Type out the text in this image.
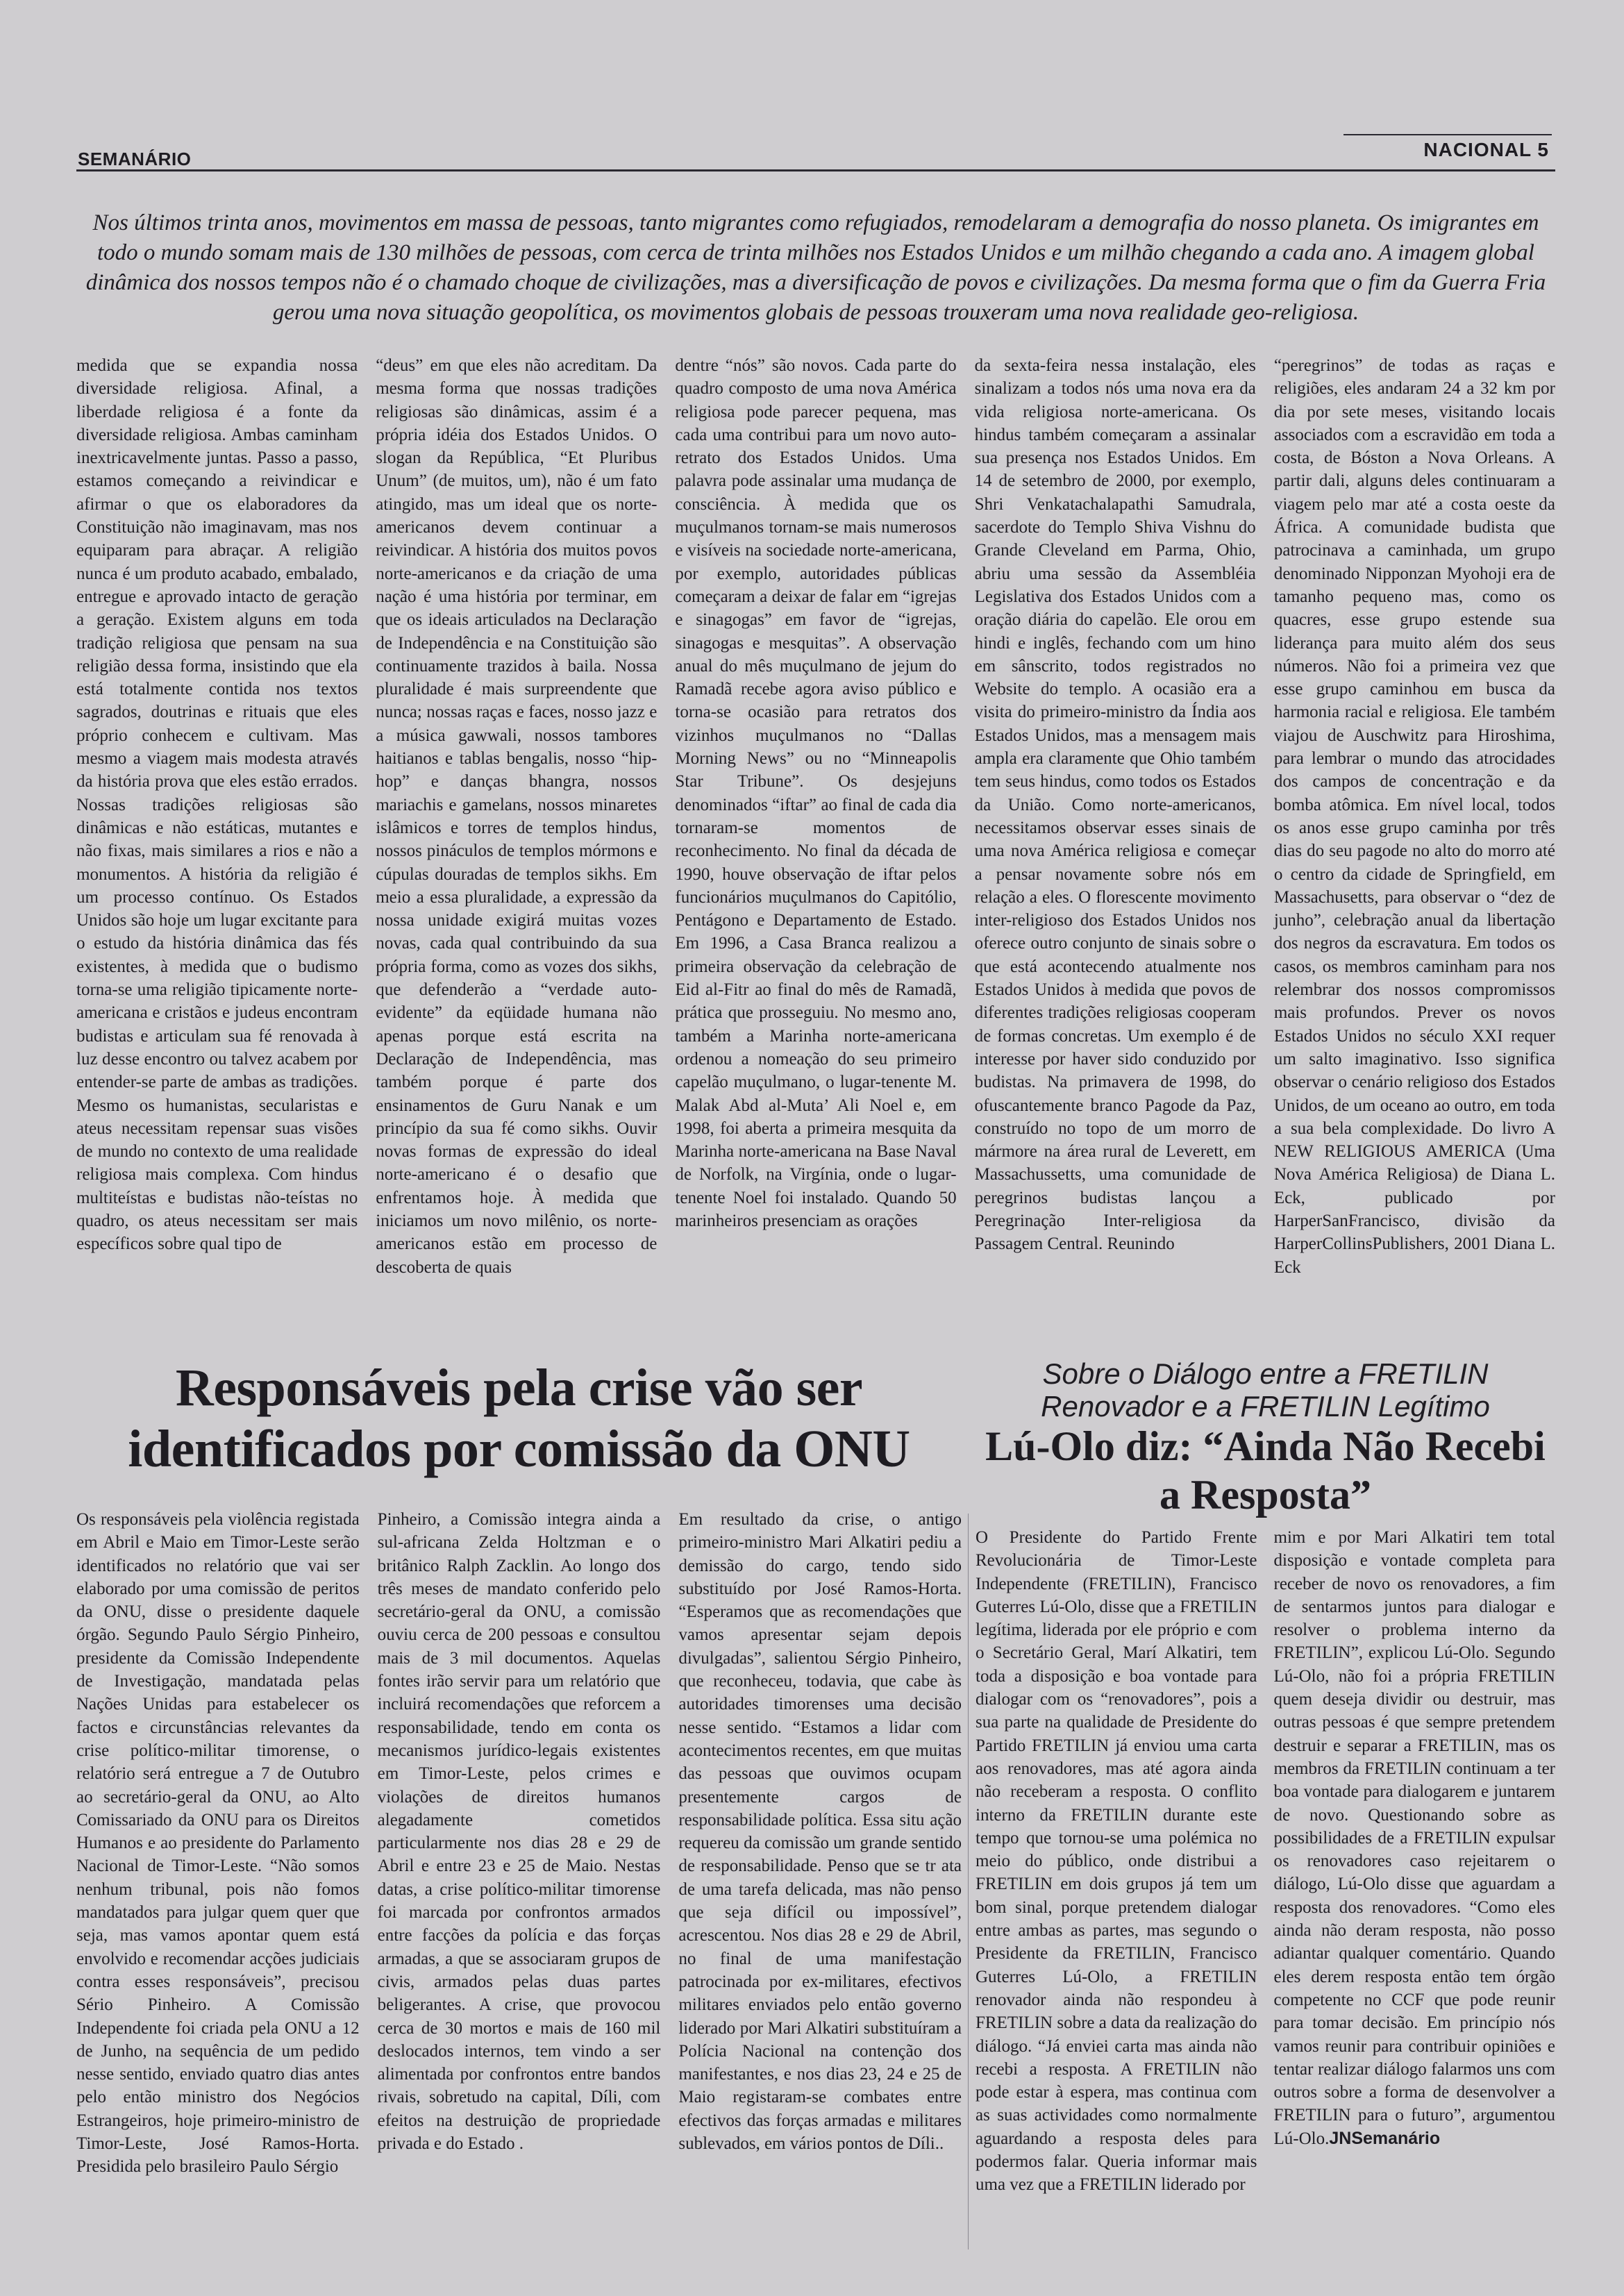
SEMANÁRIO	NACIONAL 5
Nos últimos trinta anos, movimentos em massa de pessoas, tanto migrantes como refugiados, remodelaram a demografia do nosso planeta. Os imigrantes em todo o mundo somam mais de 130 milhões de pessoas, com cerca de trinta milhões nos Estados Unidos e um milhão chegando a cada ano. A imagem global dinâmica dos nossos tempos não é o chamado choque de civilizações, mas a diversificação de povos e civilizações. Da mesma forma que o fim da Guerra Fria gerou uma nova situação geopolítica, os movimentos globais de pessoas trouxeram uma nova realidade geo-religiosa.
medida que se expandia nossa diversidade religiosa. Afinal, a liberdade religiosa é a fonte da diversidade religiosa. Ambas caminham inextricavelmente juntas. Passo a passo, estamos começando a reivindicar e afirmar o que os elaboradores da Constituição não imaginavam, mas nos equiparam para abraçar. A religião nunca é um produto acabado, embalado, entregue e aprovado intacto de geração a geração. Existem alguns em toda tradição religiosa que pensam na sua religião dessa forma, insistindo que ela está totalmente contida nos textos sagrados, doutrinas e rituais que eles próprio conhecem e cultivam. Mas mesmo a viagem mais modesta através da história prova que eles estão errados. Nossas tradições religiosas são dinâmicas e não estáticas, mutantes e não fixas, mais similares a rios e não a monumentos. A história da religião é um processo contínuo. Os Estados Unidos são hoje um lugar excitante para o estudo da história dinâmica das fés existentes, à medida que o budismo torna-se uma religião tipicamente norte-americana e cristãos e judeus encontram budistas e articulam sua fé renovada à luz desse encontro ou talvez acabem por entender-se parte de ambas as tradições. Mesmo os humanistas, secularistas e ateus necessitam repensar suas visões de mundo no contexto de uma realidade religiosa mais complexa. Com hindus multiteístas e budistas não-teístas no quadro, os ateus necessitam ser mais específicos sobre qual tipo de
“deus” em que eles não acreditam. Da mesma forma que nossas tradições religiosas são dinâmicas, assim é a própria idéia dos Estados Unidos. O slogan da República, “Et Pluribus Unum” (de muitos, um), não é um fato atingido, mas um ideal que os norte-americanos devem continuar a reivindicar. A história dos muitos povos norte-americanos e da criação de uma nação é uma história por terminar, em que os ideais articulados na Declaração de Independência e na Constituição são continuamente trazidos à baila. Nossa pluralidade é mais surpreendente que nunca; nossas raças e faces, nosso jazz e a música gawwali, nossos tambores haitianos e tablas bengalis, nosso “hip-hop” e danças bhangra, nossos mariachis e gamelans, nossos minaretes islâmicos e torres de templos hindus, nossos pináculos de templos mórmons e cúpulas douradas de templos sikhs. Em meio a essa pluralidade, a expressão da nossa unidade exigirá muitas vozes novas, cada qual contribuindo da sua própria forma, como as vozes dos sikhs, que defenderão a “verdade auto-evidente” da eqüidade humana não apenas porque está escrita na Declaração de Independência, mas também porque é parte dos ensinamentos de Guru Nanak e um princípio da sua fé como sikhs. Ouvir novas formas de expressão do ideal norte-americano é o desafio que enfrentamos hoje. À medida que iniciamos um novo milênio, os norte-americanos estão em processo de descoberta de quais
dentre “nós” são novos. Cada parte do quadro composto de uma nova América religiosa pode parecer pequena, mas cada uma contribui para um novo auto-retrato dos Estados Unidos. Uma palavra pode assinalar uma mudança de consciência. À medida que os muçulmanos tornam-se mais numerosos e visíveis na sociedade norte-americana, por exemplo, autoridades públicas começaram a deixar de falar em “igrejas e sinagogas” em favor de “igrejas, sinagogas e mesquitas”. A observação anual do mês muçulmano de jejum do Ramadã recebe agora aviso público e torna-se ocasião para retratos dos vizinhos muçulmanos no “Dallas Morning News” ou no “Minneapolis Star Tribune”. Os desjejuns denominados “iftar” ao final de cada dia tornaram-se momentos de reconhecimento. No final da década de 1990, houve observação de iftar pelos funcionários muçulmanos do Capitólio, Pentágono e Departamento de Estado. Em 1996, a Casa Branca realizou a primeira observação da celebração de Eid al-Fitr ao final do mês de Ramadã, prática que prosseguiu. No mesmo ano, também a Marinha norte-americana ordenou a nomeação do seu primeiro capelão muçulmano, o lugar-tenente M. Malak Abd al-Muta’ Ali Noel e, em 1998, foi aberta a primeira mesquita da Marinha norte-americana na Base Naval de Norfolk, na Virgínia, onde o lugar-tenente Noel foi instalado. Quando 50 marinheiros presenciam as orações
da sexta-feira nessa instalação, eles sinalizam a todos nós uma nova era da vida religiosa norte-americana. Os hindus também começaram a assinalar sua presença nos Estados Unidos. Em 14 de setembro de 2000, por exemplo, Shri Venkatachalapathi Samudrala, sacerdote do Templo Shiva Vishnu do Grande Cleveland em Parma, Ohio, abriu uma sessão da Assembléia Legislativa dos Estados Unidos com a oração diária do capelão. Ele orou em hindi e inglês, fechando com um hino em sânscrito, todos registrados no Website do templo. A ocasião era a visita do primeiro-ministro da Índia aos Estados Unidos, mas a mensagem mais ampla era claramente que Ohio também tem seus hindus, como todos os Estados da União. Como norte-americanos, necessitamos observar esses sinais de uma nova América religiosa e começar a pensar novamente sobre nós em relação a eles. O florescente movimento inter-religioso dos Estados Unidos nos oferece outro conjunto de sinais sobre o que está acontecendo atualmente nos Estados Unidos à medida que povos de diferentes tradições religiosas cooperam de formas concretas. Um exemplo é de interesse por haver sido conduzido por budistas. Na primavera de 1998, do ofuscantemente branco Pagode da Paz, construído no topo de um morro de mármore na área rural de Leverett, em Massachussetts, uma comunidade de peregrinos budistas lançou a Peregrinação Inter-religiosa da Passagem Central. Reunindo
“peregrinos” de todas as raças e religiões, eles andaram 24 a 32 km por dia por sete meses, visitando locais associados com a escravidão em toda a costa, de Bóston a Nova Orleans. A partir dali, alguns deles continuaram a viagem pelo mar até a costa oeste da África. A comunidade budista que patrocinava a caminhada, um grupo denominado Nipponzan Myohoji era de tamanho pequeno mas, como os quacres, esse grupo estende sua liderança para muito além dos seus números. Não foi a primeira vez que esse grupo caminhou em busca da harmonia racial e religiosa. Ele também viajou de Auschwitz para Hiroshima, para lembrar o mundo das atrocidades dos campos de concentração e da bomba atômica. Em nível local, todos os anos esse grupo caminha por três dias do seu pagode no alto do morro até o centro da cidade de Springfield, em Massachusetts, para observar o “dez de junho”, celebração anual da libertação dos negros da escravatura. Em todos os casos, os membros caminham para nos relembrar dos nossos compromissos mais profundos. Prever os novos Estados Unidos no século XXI requer um salto imaginativo. Isso significa observar o cenário religioso dos Estados Unidos, de um oceano ao outro, em toda a sua bela complexidade. Do livro A NEW RELIGIOUS AMERICA (Uma Nova América Religiosa) de Diana L. Eck, publicado por HarperSanFrancisco, divisão da HarperCollinsPublishers, 2001 Diana L. Eck
Responsáveis pela crise vão ser identificados por comissão da ONU
Sobre o Diálogo entre a FRETILIN Renovador e a FRETILIN Legítimo
Lú-Olo diz: “Ainda Não Recebi a Resposta”
Os responsáveis pela violência registada em Abril e Maio em Timor-Leste serão identificados no relatório que vai ser elaborado por uma comissão de peritos da ONU, disse o presidente daquele órgão. Segundo Paulo Sérgio Pinheiro, presidente da Comissão Independente de Investigação, mandatada pelas Nações Unidas para estabelecer os factos e circunstâncias relevantes da crise político-militar timorense, o relatório será entregue a 7 de Outubro ao secretário-geral da ONU, ao Alto Comissariado da ONU para os Direitos Humanos e ao presidente do Parlamento Nacional de Timor-Leste. “Não somos nenhum tribunal, pois não fomos mandatados para julgar quem quer que seja, mas vamos apontar quem está envolvido e recomendar acções judiciais contra esses responsáveis”, precisou Sério Pinheiro. A Comissão Independente foi criada pela ONU a 12 de Junho, na sequência de um pedido nesse sentido, enviado quatro dias antes pelo então ministro dos Negócios Estrangeiros, hoje primeiro-ministro de Timor-Leste, José Ramos-Horta. Presidida pelo brasileiro Paulo Sérgio
Pinheiro, a Comissão integra ainda a sul-africana Zelda Holtzman e o britânico Ralph Zacklin. Ao longo dos três meses de mandato conferido pelo secretário-geral da ONU, a comissão ouviu cerca de 200 pessoas e consultou mais de 3 mil documentos. Aquelas fontes irão servir para um relatório que incluirá recomendações que reforcem a responsabilidade, tendo em conta os mecanismos jurídico-legais existentes em Timor-Leste, pelos crimes e violações de direitos humanos alegadamente cometidos particularmente nos dias 28 e 29 de Abril e entre 23 e 25 de Maio. Nestas datas, a crise político-militar timorense foi marcada por confrontos armados entre facções da polícia e das forças armadas, a que se associaram grupos de civis, armados pelas duas partes beligerantes. A crise, que provocou cerca de 30 mortos e mais de 160 mil deslocados internos, tem vindo a ser alimentada por confrontos entre bandos rivais, sobretudo na capital, Díli, com efeitos na destruição de propriedade privada e do Estado .
Em resultado da crise, o antigo primeiro-ministro Mari Alkatiri pediu a demissão do cargo, tendo sido substituído por José Ramos-Horta. “Esperamos que as recomendações que vamos apresentar sejam depois divulgadas”, salientou Sérgio Pinheiro, que reconheceu, todavia, que cabe às autoridades timorenses uma decisão nesse sentido. “Estamos a lidar com acontecimentos recentes, em que muitas das pessoas que ouvimos ocupam presentemente cargos de responsabilidade política. Essa situ ação requereu da comissão um grande sentido de responsabilidade. Penso que se tr ata de uma tarefa delicada, mas não penso que seja difícil ou impossível”, acrescentou. Nos dias 28 e 29 de Abril, no final de uma manifestação patrocinada por ex-militares, efectivos militares enviados pelo então governo liderado por Mari Alkatiri substituíram a Polícia Nacional na contenção dos manifestantes, e nos dias 23, 24 e 25 de Maio registaram-se combates entre efectivos das forças armadas e militares sublevados, em vários pontos de Díli..
O Presidente do Partido Frente Revolucionária de Timor-Leste Independente (FRETILIN), Francisco Guterres Lú-Olo, disse que a FRETILIN legítima, liderada por ele próprio e com o Secretário Geral, Marí Alkatiri, tem toda a disposição e boa vontade para dialogar com os “renovadores”, pois a sua parte na qualidade de Presidente do Partido FRETILIN já enviou uma carta aos renovadores, mas até agora ainda não receberam a resposta. O conflito interno da FRETILIN durante este tempo que tornou-se uma polémica no meio do público, onde distribui a FRETILIN em dois grupos já tem um bom sinal, porque pretendem dialogar entre ambas as partes, mas segundo o Presidente da FRETILIN, Francisco Guterres Lú-Olo, a FRETILIN renovador ainda não respondeu à FRETILIN sobre a data da realização do diálogo. “Já enviei carta mas ainda não recebi a resposta. A FRETILIN não pode estar à espera, mas continua com as suas actividades como normalmente aguardando a resposta deles para podermos falar. Queria informar mais uma vez que a FRETILIN liderado por
mim e por Mari Alkatiri tem total disposição e vontade completa para receber de novo os renovadores, a fim de sentarmos juntos para dialogar e resolver o problema interno da FRETILIN”, explicou Lú-Olo. Segundo Lú-Olo, não foi a própria FRETILIN quem deseja dividir ou destruir, mas outras pessoas é que sempre pretendem destruir e separar a FRETILIN, mas os membros da FRETILIN continuam a ter boa vontade para dialogarem e juntarem de novo. Questionando sobre as possibilidades de a FRETILIN expulsar os renovadores caso rejeitarem o diálogo, Lú-Olo disse que aguardam a resposta dos renovadores. “Como eles ainda não deram resposta, não posso adiantar qualquer comentário. Quando eles derem resposta então tem órgão competente no CCF que pode reunir para tomar decisão. Em princípio nós vamos reunir para contribuir opiniões e tentar realizar diálogo falarmos uns com outros sobre a forma de desenvolver a FRETILIN para o futuro”, argumentou Lú-Olo.JNSemanário
